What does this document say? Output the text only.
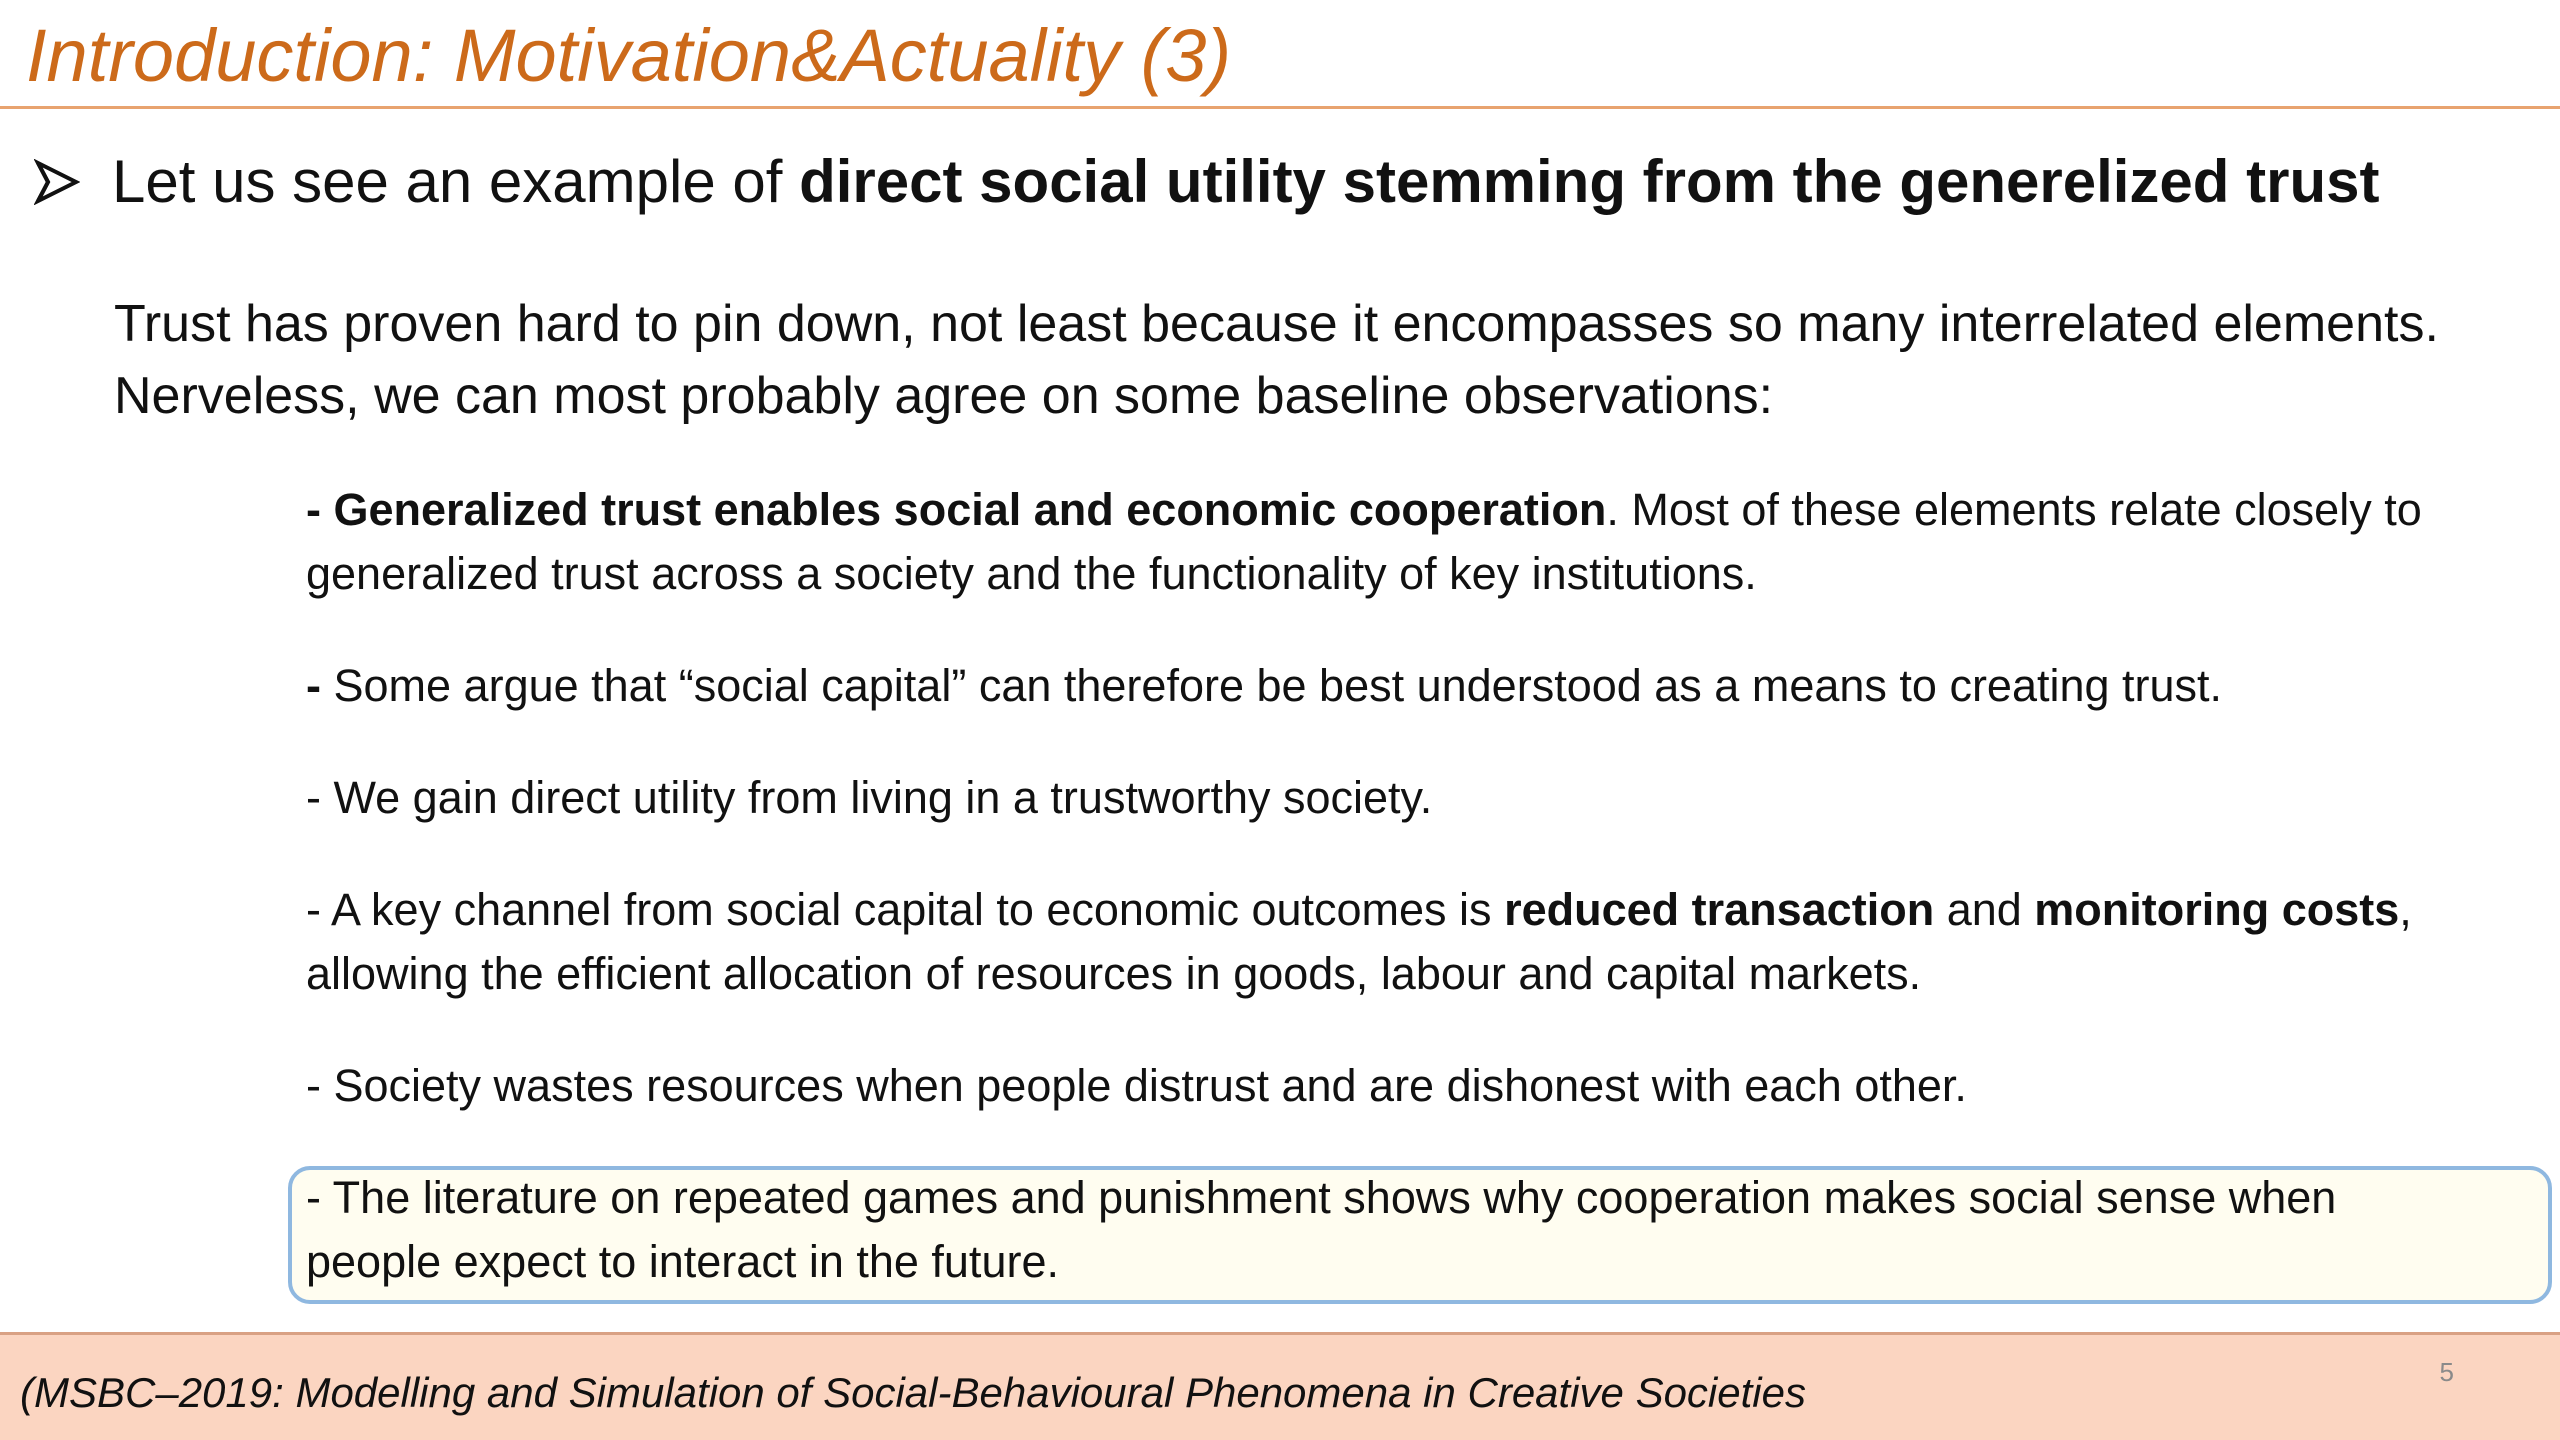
Introduction: Motivation&Actuality (3)
Let us see an example of direct social utility stemming from the generelized trust
Trust has proven hard to pin down, not least because it encompasses so many interrelated elements.
Nerveless, we can most probably agree on some baseline observations:
- Generalized trust enables social and economic cooperation. Most of these elements relate closely to
generalized trust across a society and the functionality of key institutions.
- Some argue that “social capital” can therefore be best understood as a means to creating trust.
- We gain direct utility from living in a trustworthy society.
- A key channel from social capital to economic outcomes is reduced transaction and monitoring costs,
allowing the efficient allocation of resources in goods, labour and capital markets.
- Society wastes resources when people distrust and are dishonest with each other.
- The literature on repeated games and punishment shows why cooperation makes social sense when
people expect to interact in the future.
(MSBC–2019: Modelling and Simulation of Social-Behavioural Phenomena in Creative Societies	5
